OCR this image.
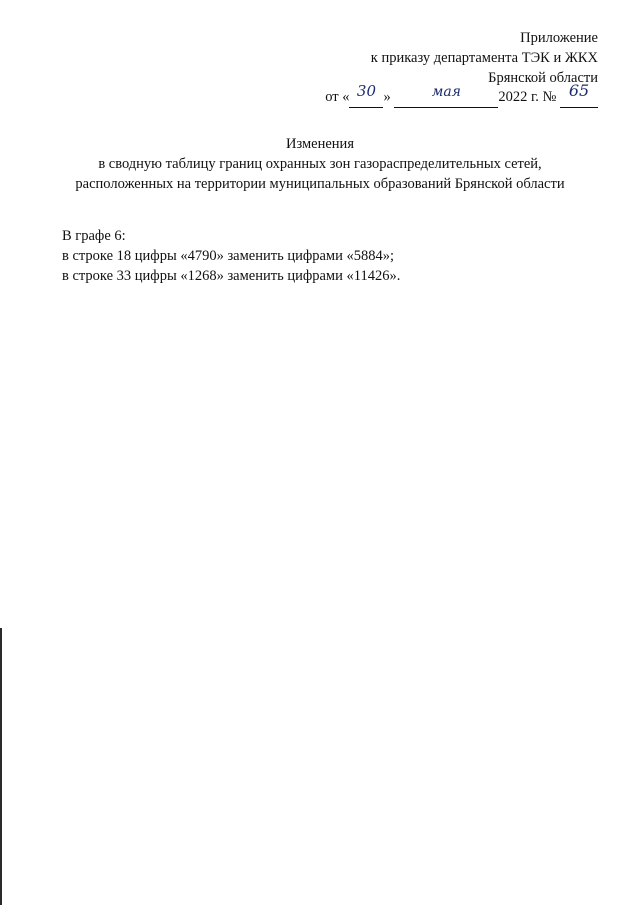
Приложение
к приказу департамента ТЭК и ЖКХ
Брянской области
от « 30 »	мая	2022 г. № 65
Изменения
в сводную таблицу границ охранных зон газораспределительных сетей,
расположенных на территории муниципальных образований Брянской области
В графе 6:
в строке 18 цифры «4790» заменить цифрами «5884»;
в строке 33 цифры «1268» заменить цифрами «11426».
